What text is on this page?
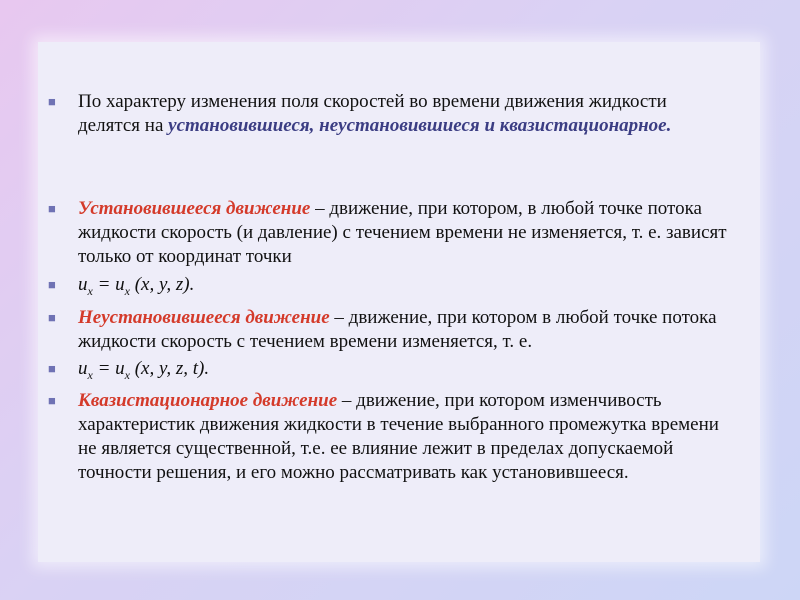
■ По характеру изменения поля скоростей во времени движения жидкости делятся на установившиеся, неустановившиеся и квазистационарное.
■ Установившееся движение – движение, при котором, в любой точке потока жидкости скорость (и давление) с течением времени не изменяется, т. е. зависят только от координат точки
■ $u_x = u_x$ (x, y, z).
■ Неустановившееся движение – движение, при котором в любой точке потока жидкости скорость с течением времени изменяется, т. е.
■ $u_x = u_x$ (x, y, z, t).
■ Квазистационарное движение – движение, при котором изменчивость характеристик движения жидкости в течение выбранного промежутка времени не является существенной, т.е. ее влияние лежит в пределах допускаемой точности решения, и его можно рассматривать как установившееся.
